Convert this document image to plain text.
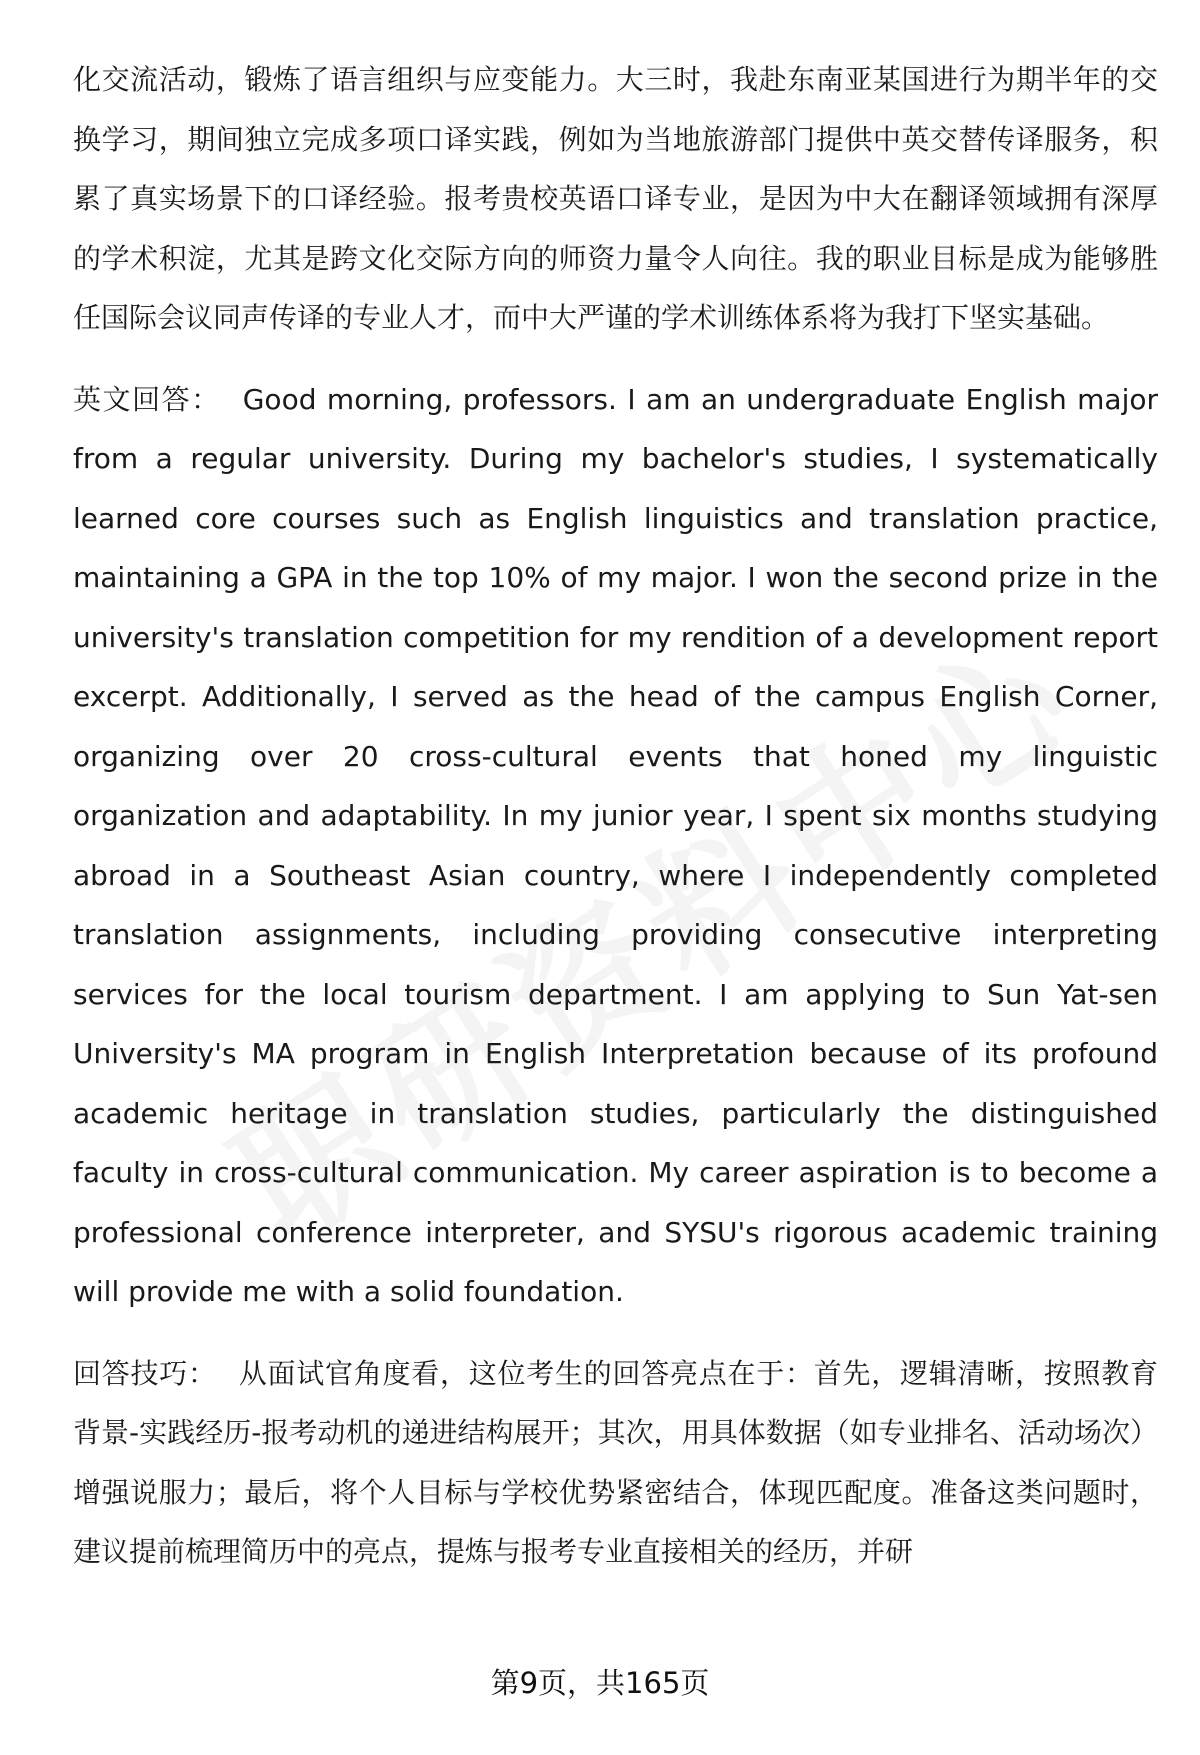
化交流活动，锻炼了语言组织与应变能力。大三时，我赴东南亚某国进行为期半年的交换学习，期间独立完成多项口译实践，例如为当地旅游部门提供中英交替传译服务，积累了真实场景下的口译经验。报考贵校英语口译专业，是因为中大在翻译领域拥有深厚的学术积淀，尤其是跨文化交际方向的师资力量令人向往。我的职业目标是成为能够胜任国际会议同声传译的专业人才，而中大严谨的学术训练体系将为我打下坚实基础。

英文回答： Good morning, professors. I am an undergraduate English major from a regular university. During my bachelor's studies, I systematically learned core courses such as English linguistics and translation practice, maintaining a GPA in the top 10% of my major. I won the second prize in the university's translation competition for my rendition of a development report excerpt. Additionally, I served as the head of the campus English Corner, organizing over 20 cross-cultural events that honed my linguistic organization and adaptability. In my junior year, I spent six months studying abroad in a Southeast Asian country, where I independently completed translation assignments, including providing consecutive interpreting services for the local tourism department. I am applying to Sun Yat-sen University's MA program in English Interpretation because of its profound academic heritage in translation studies, particularly the distinguished faculty in cross-cultural communication. My career aspiration is to become a professional conference interpreter, and SYSU's rigorous academic training will provide me with a solid foundation.

回答技巧： 从面试官角度看，这位考生的回答亮点在于：首先，逻辑清晰，按照教育背景-实践经历-报考动机的递进结构展开；其次，用具体数据（如专业排名、活动场次）增强说服力；最后，将个人目标与学校优势紧密结合，体现匹配度。准备这类问题时，建议提前梳理简历中的亮点，提炼与报考专业直接相关的经历，并研

第9页，共165页
